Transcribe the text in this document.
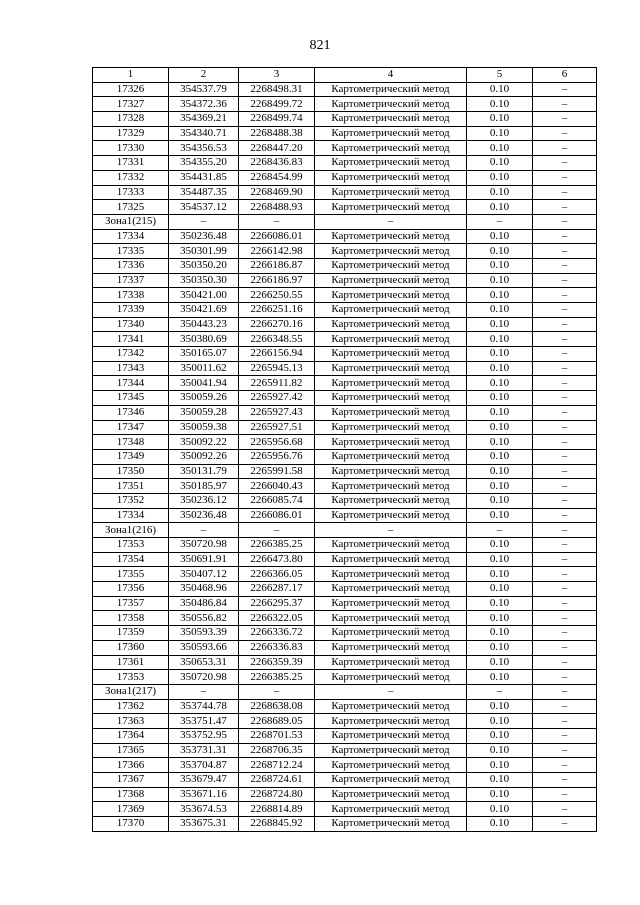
821
1	2	3	4	5	6
17326	354537.79	2268498.31	Картометрический метод	0.10	–
17327	354372.36	2268499.72	Картометрический метод	0.10	–
17328	354369.21	2268499.74	Картометрический метод	0.10	–
17329	354340.71	2268488.38	Картометрический метод	0.10	–
17330	354356.53	2268447.20	Картометрический метод	0.10	–
17331	354355.20	2268436.83	Картометрический метод	0.10	–
17332	354431.85	2268454.99	Картометрический метод	0.10	–
17333	354487.35	2268469.90	Картометрический метод	0.10	–
17325	354537.12	2268488.93	Картометрический метод	0.10	–
Зона1(215)	–	–	–	–	–
17334	350236.48	2266086.01	Картометрический метод	0.10	–
17335	350301.99	2266142.98	Картометрический метод	0.10	–
17336	350350.20	2266186.87	Картометрический метод	0.10	–
17337	350350.30	2266186.97	Картометрический метод	0.10	–
17338	350421.00	2266250.55	Картометрический метод	0.10	–
17339	350421.69	2266251.16	Картометрический метод	0.10	–
17340	350443.23	2266270.16	Картометрический метод	0.10	–
17341	350380.69	2266348.55	Картометрический метод	0.10	–
17342	350165.07	2266156.94	Картометрический метод	0.10	–
17343	350011.62	2265945.13	Картометрический метод	0.10	–
17344	350041.94	2265911.82	Картометрический метод	0.10	–
17345	350059.26	2265927.42	Картометрический метод	0.10	–
17346	350059.28	2265927.43	Картометрический метод	0.10	–
17347	350059.38	2265927.51	Картометрический метод	0.10	–
17348	350092.22	2265956.68	Картометрический метод	0.10	–
17349	350092.26	2265956.76	Картометрический метод	0.10	–
17350	350131.79	2265991.58	Картометрический метод	0.10	–
17351	350185.97	2266040.43	Картометрический метод	0.10	–
17352	350236.12	2266085.74	Картометрический метод	0.10	–
17334	350236.48	2266086.01	Картометрический метод	0.10	–
Зона1(216)	–	–	–	–	–
17353	350720.98	2266385.25	Картометрический метод	0.10	–
17354	350691.91	2266473.80	Картометрический метод	0.10	–
17355	350407.12	2266366.05	Картометрический метод	0.10	–
17356	350468.96	2266287.17	Картометрический метод	0.10	–
17357	350486.84	2266295.37	Картометрический метод	0.10	–
17358	350556.82	2266322.05	Картометрический метод	0.10	–
17359	350593.39	2266336.72	Картометрический метод	0.10	–
17360	350593.66	2266336.83	Картометрический метод	0.10	–
17361	350653.31	2266359.39	Картометрический метод	0.10	–
17353	350720.98	2266385.25	Картометрический метод	0.10	–
Зона1(217)	–	–	–	–	–
17362	353744.78	2268638.08	Картометрический метод	0.10	–
17363	353751.47	2268689.05	Картометрический метод	0.10	–
17364	353752.95	2268701.53	Картометрический метод	0.10	–
17365	353731.31	2268706.35	Картометрический метод	0.10	–
17366	353704.87	2268712.24	Картометрический метод	0.10	–
17367	353679.47	2268724.61	Картометрический метод	0.10	–
17368	353671.16	2268724.80	Картометрический метод	0.10	–
17369	353674.53	2268814.89	Картометрический метод	0.10	–
17370	353675.31	2268845.92	Картометрический метод	0.10	–
